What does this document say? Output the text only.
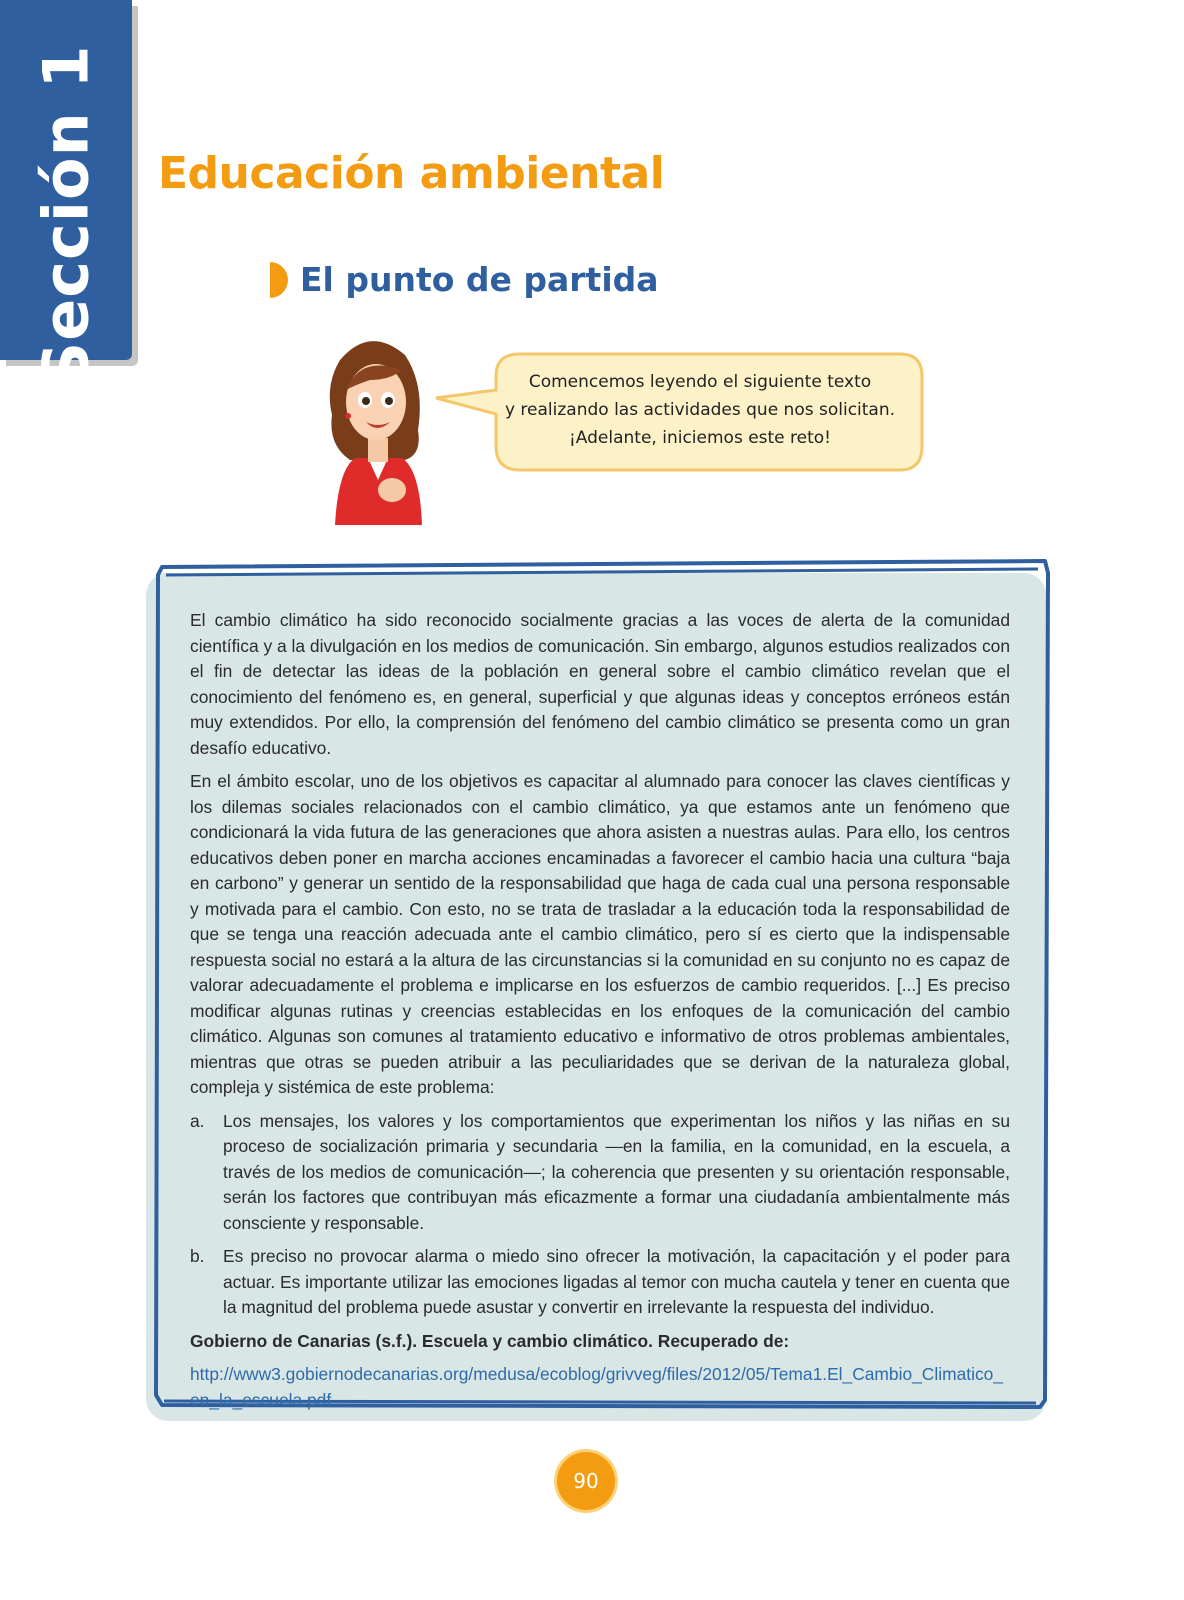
Sección 1 Educación ambiental
El punto de partida
Comencemos leyendo el siguiente texto
y realizando las actividades que nos solicitan.
¡Adelante, iniciemos este reto!

El cambio climático ha sido reconocido socialmente gracias a las voces de alerta de la comunidad científica y a la divulgación en los medios de comunicación. Sin embargo, algunos estudios realizados con el fin de detectar las ideas de la población en general sobre el cambio climático revelan que el conocimiento del fenómeno es, en general, superficial y que algunas ideas y conceptos erróneos están muy extendidos. Por ello, la comprensión del fenómeno del cambio climático se presenta como un gran desafío educativo.

En el ámbito escolar, uno de los objetivos es capacitar al alumnado para conocer las claves científicas y los dilemas sociales relacionados con el cambio climático, ya que estamos ante un fenómeno que condicionará la vida futura de las generaciones que ahora asisten a nuestras aulas. Para ello, los centros educativos deben poner en marcha acciones encaminadas a favorecer el cambio hacia una cultura “baja en carbono” y generar un sentido de la responsabilidad que haga de cada cual una persona responsable y motivada para el cambio. Con esto, no se trata de trasladar a la educación toda la responsabilidad de que se tenga una reacción adecuada ante el cambio climático, pero sí es cierto que la indispensable respuesta social no estará a la altura de las circunstancias si la comunidad en su conjunto no es capaz de valorar adecuadamente el problema e implicarse en los esfuerzos de cambio requeridos. [...] Es preciso modificar algunas rutinas y creencias establecidas en los enfoques de la comunicación del cambio climático. Algunas son comunes al tratamiento educativo e informativo de otros problemas ambientales, mientras que otras se pueden atribuir a las peculiaridades que se derivan de la naturaleza global, compleja y sistémica de este problema:

a.	Los mensajes, los valores y los comportamientos que experimentan los niños y las niñas en su proceso de socialización primaria y secundaria —en la familia, en la comunidad, en la escuela, a través de los medios de comunicación—; la coherencia que presenten y su orientación responsable, serán los factores que contribuyan más eficazmente a formar una ciudadanía ambientalmente más consciente y responsable.
b.	Es preciso no provocar alarma o miedo sino ofrecer la motivación, la capacitación y el poder para actuar. Es importante utilizar las emociones ligadas al temor con mucha cautela y tener en cuenta que la magnitud del problema puede asustar y convertir en irrelevante la respuesta del individuo.

Gobierno de Canarias (s.f.). Escuela y cambio climático. Recuperado de:

http://www3.gobiernodecanarias.org/medusa/ecoblog/grivveg/files/2012/05/Tema1.El_Cambio_Climatico_en_la_escuela.pdf

90
